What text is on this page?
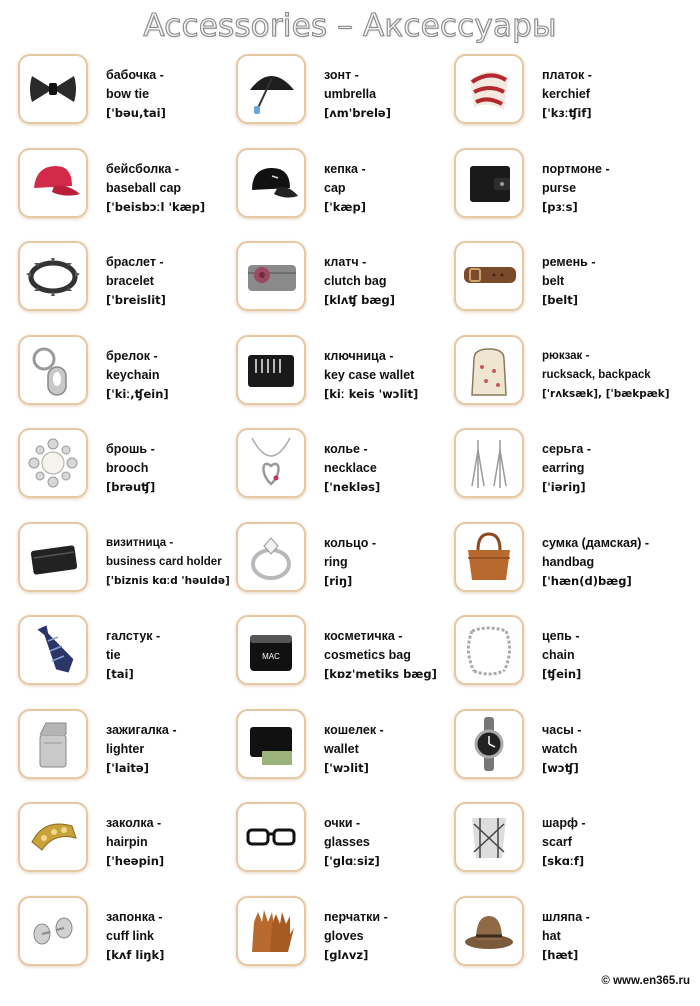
Accessories – Аксессуары
бабочка -
bow tie
['bəu,tai]
зонт -
umbrella
[ʌm'brelə]
платок -
kerchief
['kɜːʧif]
бейсболка -
baseball cap
['beisbɔːl 'kæp]
кепка -
cap
['kæp]
портмоне -
purse
[pɜːs]
браслет -
bracelet
['breislit]
клатч -
clutch bag
[klʌʧ bæg]
ремень -
belt
[belt]
брелок -
keychain
['kiː,ʧein]
ключница -
key case wallet
[kiː keis 'wɔlit]
рюкзак -
rucksack, backpack
['rʌksæk], ['bækpæk]
брошь -
brooch
[brəuʧ]
колье -
necklace
['nekləs]
серьга -
earring
['iəriŋ]
визитница -
business card holder
['biznis kɑːd 'həuldə]
кольцо -
ring
[riŋ]
сумка (дамская) -
handbag
['hæn(d)bæg]
галстук -
tie
[tai]
MAC
косметичка -
cosmetics bag
[kɒz'metiks bæg]
цепь -
chain
[ʧein]
зажигалка -
lighter
['laitə]
кошелек -
wallet
['wɔlit]
часы -
watch
[wɔʧ]
заколка -
hairpin
['heəpin]
очки -
glasses
['glɑːsiz]
шарф -
scarf
[skɑːf]
запонка -
cuff link
[kʌf liŋk]
перчатки -
gloves
[glʌvz]
шляпа -
hat
[hæt]
© www.en365.ru
